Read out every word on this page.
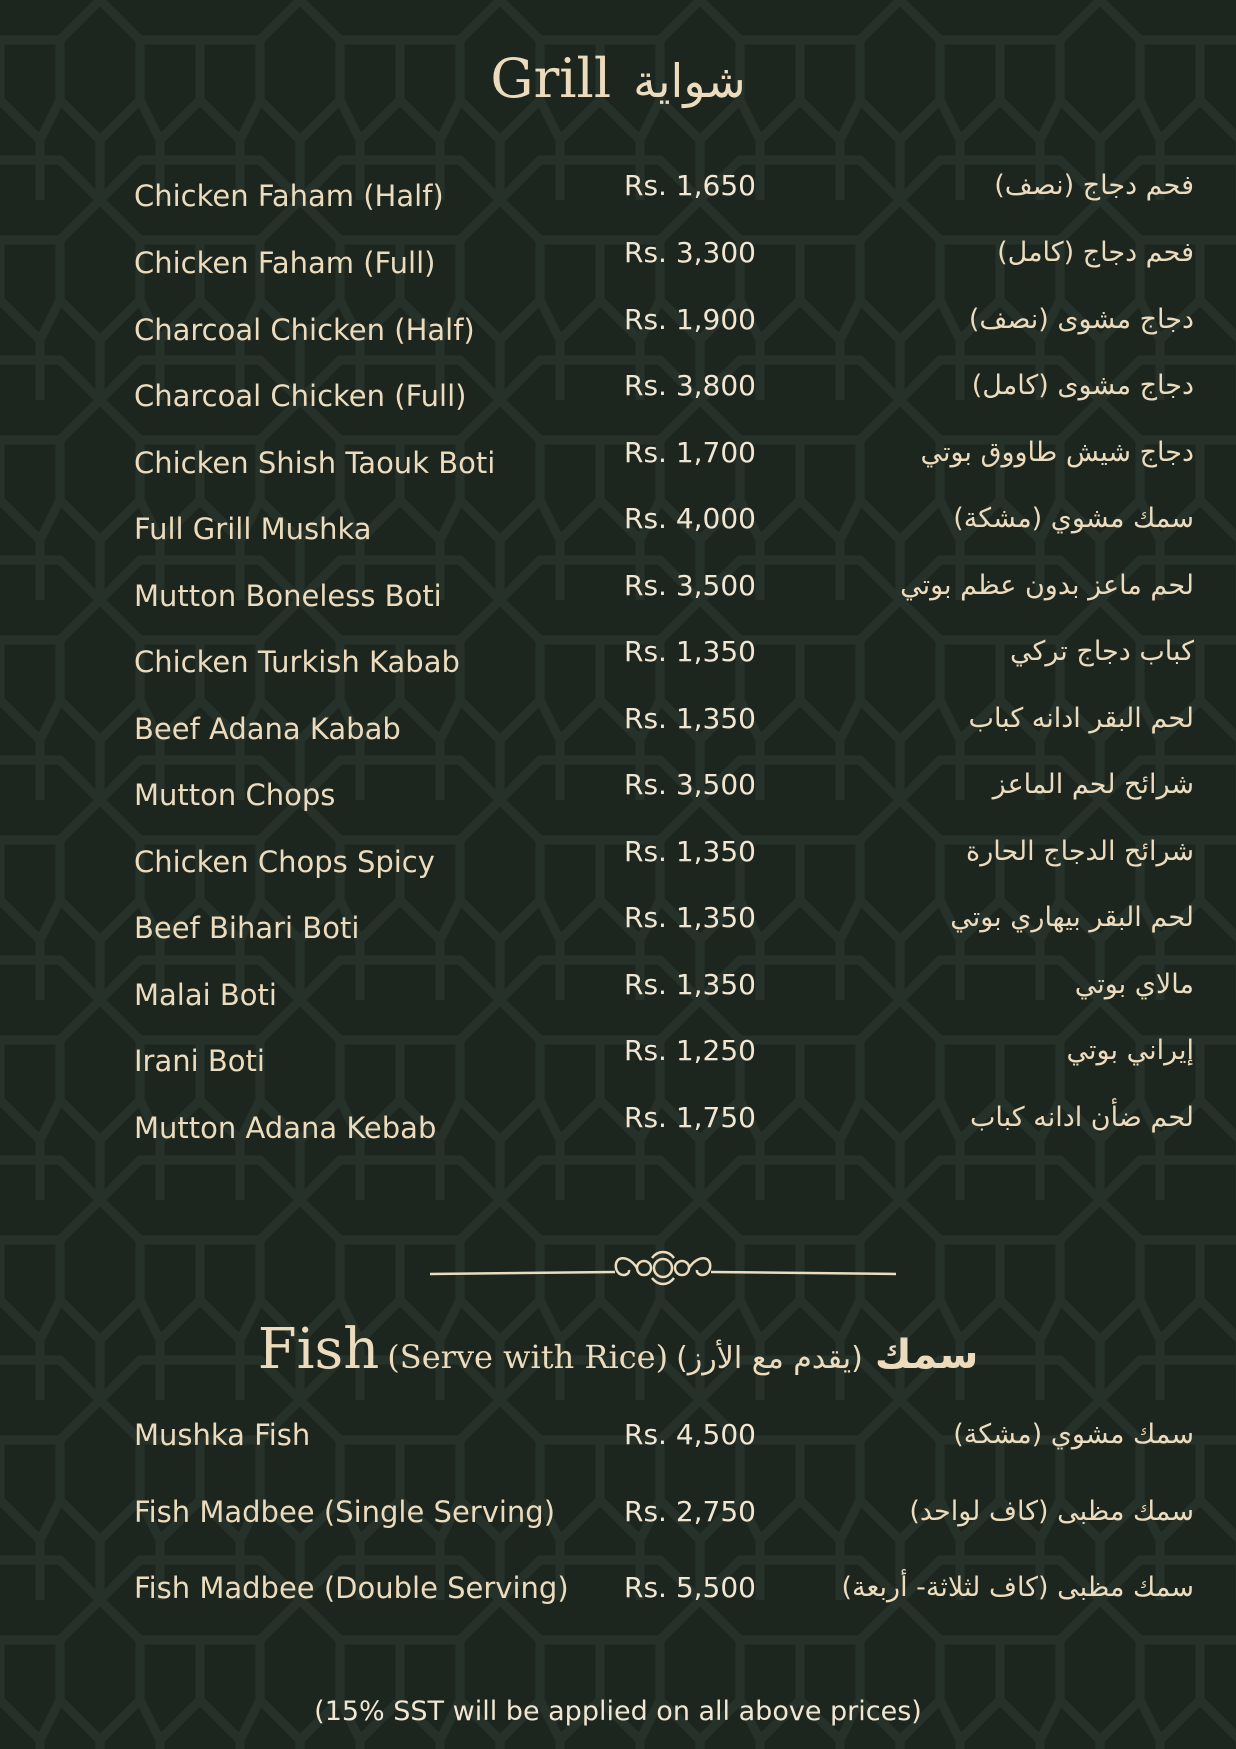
Grill شواية
Chicken Faham (Half)	Rs. 1,650	فحم دجاج (نصف)
Chicken Faham (Full)	Rs. 3,300	فحم دجاج (كامل)
Charcoal Chicken (Half)	Rs. 1,900	دجاج مشوى (نصف)
Charcoal Chicken (Full)	Rs. 3,800	دجاج مشوى (كامل)
Chicken Shish Taouk Boti	Rs. 1,700	دجاج شيش طاووق بوتي
Full Grill Mushka	Rs. 4,000	سمك مشوي (مشكة)
Mutton Boneless Boti	Rs. 3,500	لحم ماعز بدون عظم بوتي
Chicken Turkish Kabab	Rs. 1,350	كباب دجاج تركي
Beef Adana Kabab	Rs. 1,350	لحم البقر ادانه كباب
Mutton Chops	Rs. 3,500	شرائح لحم الماعز
Chicken Chops Spicy	Rs. 1,350	شرائح الدجاج الحارة
Beef Bihari Boti	Rs. 1,350	لحم البقر بيهاري بوتي
Malai Boti	Rs. 1,350	مالاي بوتي
Irani Boti	Rs. 1,250	إيراني بوتي
Mutton Adana Kebab	Rs. 1,750	لحم ضأن ادانه كباب
Fish (Serve with Rice) (يقدم مع الأرز) سمك
Mushka Fish	Rs. 4,500	سمك مشوي (مشكة)
Fish Madbee (Single Serving)	Rs. 2,750	سمك مظبى (كاف لواحد)
Fish Madbee (Double Serving)	Rs. 5,500	سمك مظبى (كاف لثلاثة- أربعة)
(15% SST will be applied on all above prices)
